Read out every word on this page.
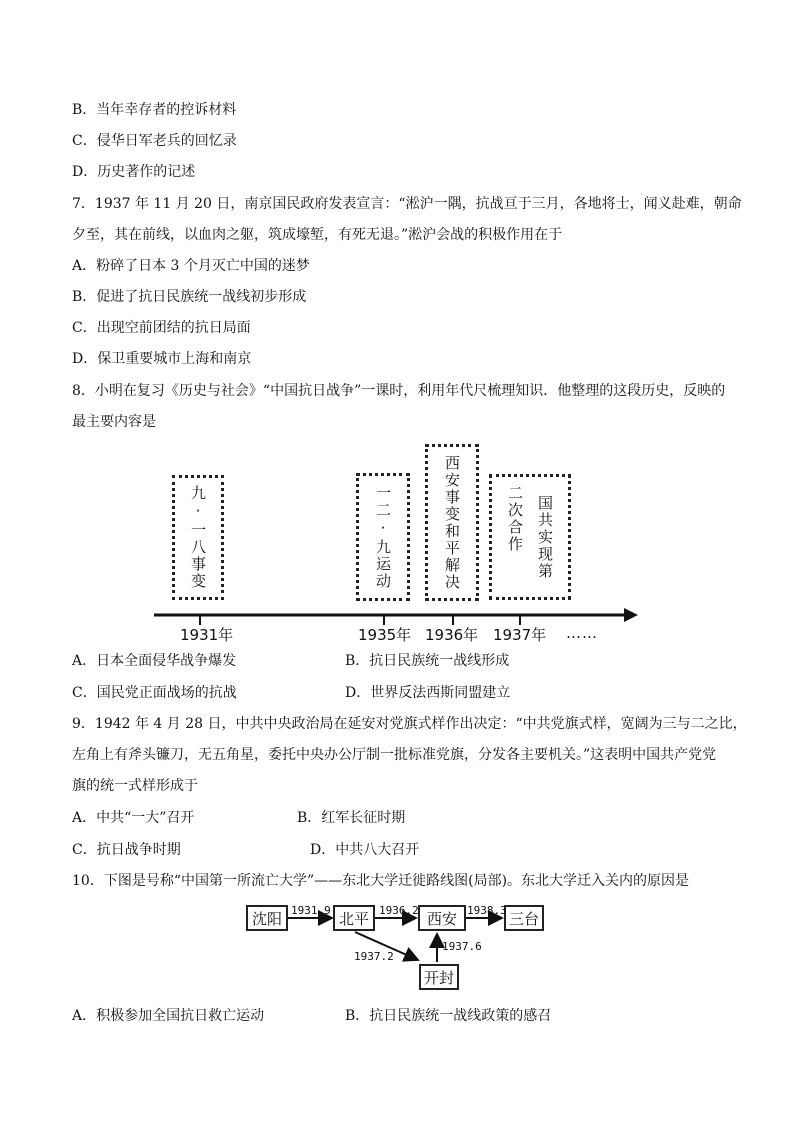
B．当年幸存者的控诉材料
C．侵华日军老兵的回忆录
D．历史著作的记述
7．1937 年 11 月 20 日，南京国民政府发表宣言：“淞沪一隅，抗战亘于三月，各地将士，闻义赴难，朝命
夕至，其在前线，以血肉之躯，筑成壕堑，有死无退。”淞沪会战的积极作用在于
A．粉碎了日本 3 个月灭亡中国的迷梦
B．促进了抗日民族统一战线初步形成
C．出现空前团结的抗日局面
D．保卫重要城市上海和南京
8．小明在复习《历史与社会》“中国抗日战争”一课时，利用年代尺梳理知识．他整理的这段历史，反映的
最主要内容是
九·一八事变	一二·九运动	西安事变和平解决	国共实现第
二次合作
1931年	1935年 1936年 1937年 ……
A．日本全面侵华战争爆发	B．抗日民族统一战线形成
C．国民党正面战场的抗战	D．世界反法西斯同盟建立
9．1942 年 4 月 28 日，中共中央政治局在延安对党旗式样作出决定：“中共党旗式样，宽阔为三与二之比，
左角上有斧头镰刀，无五角星，委托中央办公厅制一批标准党旗，分发各主要机关。”这表明中国共产党党
旗的统一式样形成于
A．中共“一大”召开	B．红军长征时期
C．抗日战争时期	D．中共八大召开
10．下图是号称“中国第一所流亡大学”——东北大学迁徙路线图(局部)。东北大学迁入关内的原因是
沈阳	北平	西安	三台
开封
1931.9	1936.2	1938.3
1937.2
1937.6
A．积极参加全国抗日救亡运动	B．抗日民族统一战线政策的感召
